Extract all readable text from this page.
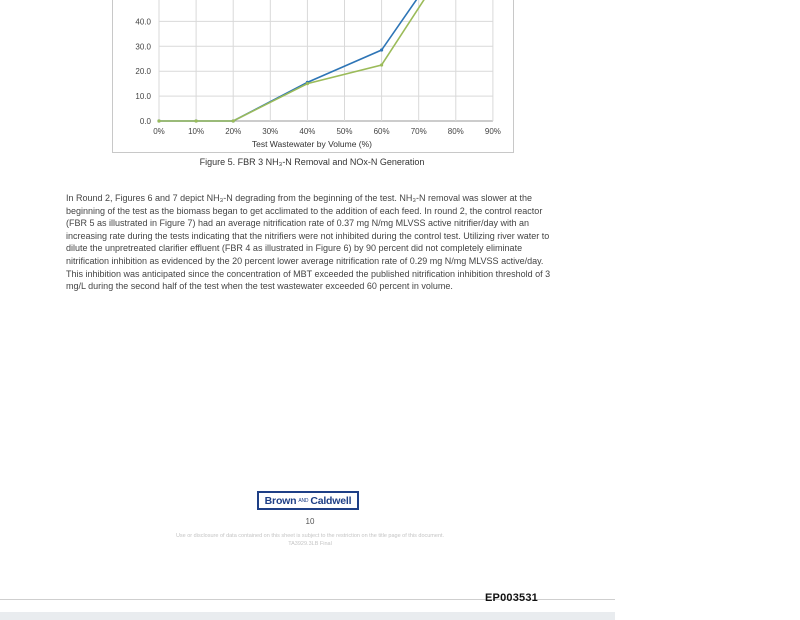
0.0
10.0
20.0
30.0
40.0
0%	10%	20%	30%	40%	50%	60%	70%	80%	90%
Test Wastewater by Volume (%)
Figure 5. FBR 3 NH₃-N Removal and NOx-N Generation

In Round 2, Figures 6 and 7 depict NH₃-N degrading from the beginning of the test. NH₃-N removal was slower at the beginning of the test as the biomass began to get acclimated to the addition of each feed. In round 2, the control reactor (FBR 5 as illustrated in Figure 7) had an average nitrification rate of 0.37 mg N/mg MLVSS active nitrifier/day with an increasing rate during the tests indicating that the nitrifiers were not inhibited during the control test. Utilizing river water to dilute the unpretreated clarifier effluent (FBR 4 as illustrated in Figure 6) by 90 percent did not completely eliminate nitrification inhibition as evidenced by the 20 percent lower average nitrification rate of 0.29 mg N/mg MLVSS active/day. This inhibition was anticipated since the concentration of MBT exceeded the published nitrification inhibition threshold of 3 mg/L during the second half of the test when the test wastewater exceeded 60 percent in volume.

Brown AND Caldwell
10
Use or disclosure of data contained on this sheet is subject to the restriction on the title page of this document.
TA3929.3LB Final
EP003531
